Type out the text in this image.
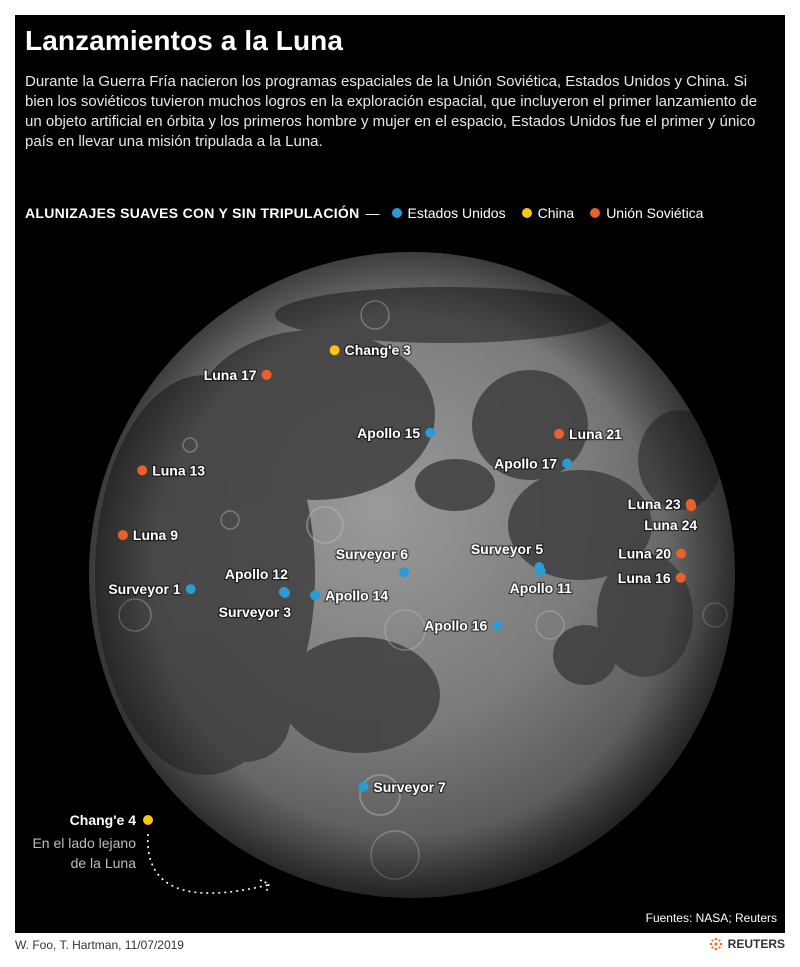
Lanzamientos a la Luna

Durante la Guerra Fría nacieron los programas espaciales de la Unión Soviética, Estados Unidos y China. Si bien los soviéticos tuvieron muchos logros en la exploración espacial, que incluyeron el primer lanzamiento de un objeto artificial en órbita y los primeros hombre y mujer en el espacio, Estados Unidos fue el primer y único país en llevar una misión tripulada a la Luna.

ALUNIZAJES SUAVES CON Y SIN TRIPULACIÓN — Estados Unidos China Unión Soviética
Chang'e 3
Luna 17
Apollo 15	Luna 21
Apollo 17
Luna 13
Luna 23
Luna 24
Luna 9
Surveyor 6	Surveyor 5
Apollo 11
Luna 20
Luna 16
Surveyor 1
Apollo 12
Surveyor 3
Apollo 14
Apollo 16
Surveyor 7
Chang'e 4
En el lado lejano
de la Luna
Fuentes: NASA; Reuters
W. Foo, T. Hartman, 11/07/2019	REUTERS
